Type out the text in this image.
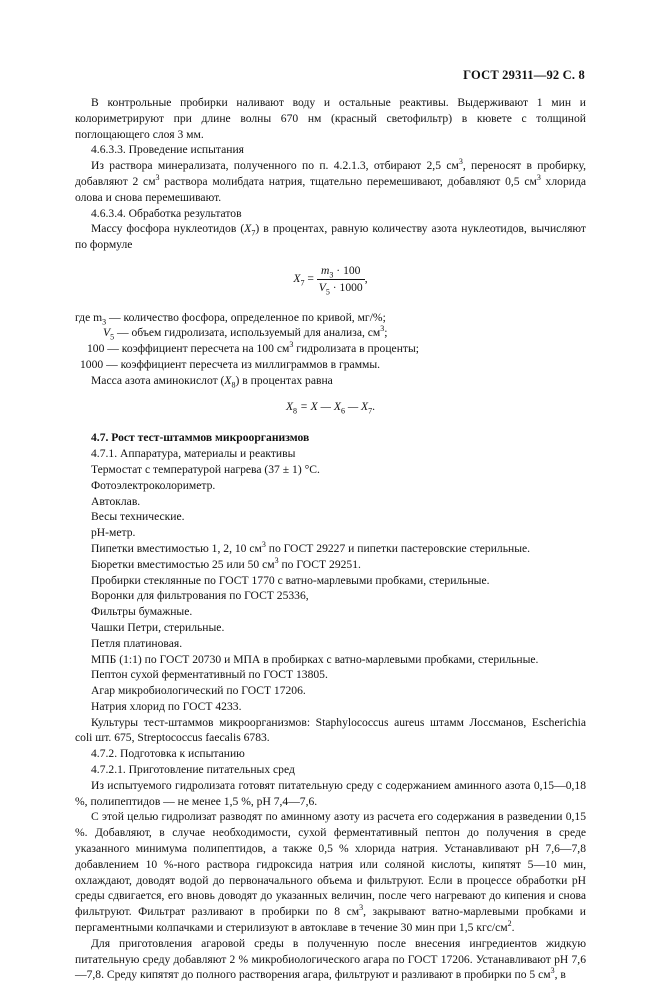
ГОСТ 29311—92 С. 8

В контрольные пробирки наливают воду и остальные реактивы. Выдерживают 1 мин и колориметрируют при длине волны 670 нм (красный светофильтр) в кювете с толщиной поглощающего слоя 3 мм.

4.6.3.3. Проведение испытания

Из раствора минерализата, полученного по п. 4.2.1.3, отбирают 2,5 $см^3$, переносят в пробирку, добавляют 2 $см^3$ раствора молибдата натрия, тщательно перемешивают, добавляют 0,5 $см^3$ хлорида олова и снова перемешивают.

4.6.3.4. Обработка результатов

Массу фосфора нуклеотидов $(X_7)$ в процентах, равную количеству азота нуклеотидов, вычисляют по формуле

$X_7 = \frac{m_3 \cdot 100}{V_5 \cdot 1000}$ ,

где $m_3$ — количество фосфора, определенное по кривой, мг/%;

$V_5$ — объем гидролизата, используемый для анализа, $см^3$;

100 — коэффициент пересчета на 100 $см^3$ гидролизата в проценты;

1000 — коэффициент пересчета из миллиграммов в граммы.

Масса азота аминокислот $(X_8)$ в процентах равна

$X_8 = X$ — $X_6$ — $X_7$.

4.7. Рост тест-штаммов микроорганизмов

4.7.1. Аппаратура, материалы и реактивы

Термостат с температурой нагрева (37 ± 1) °С.

Фотоэлектроколориметр.

Автоклав.

Весы технические.

рН-метр.

Пипетки вместимостью 1, 2, 10 $см^3$ по ГОСТ 29227 и пипетки пастеровские стерильные.

Бюретки вместимостью 25 или 50 $см^3$ по ГОСТ 29251.

Пробирки стеклянные по ГОСТ 1770 с ватно-марлевыми пробками, стерильные.

Воронки для фильтрования по ГОСТ 25336,

Фильтры бумажные.

Чашки Петри, стерильные.

Петля платиновая.

МПБ (1:1) по ГОСТ 20730 и МПА в пробирках с ватно-марлевыми пробками, стерильные.

Пептон сухой ферментативный по ГОСТ 13805.

Агар микробиологический по ГОСТ 17206.

Натрия хлорид по ГОСТ 4233.

Культуры тест-штаммов микроорганизмов: Staphylococcus aureus штамм Лоссманов, Escherichia coli шт. 675, Streptococcus faecalis 6783.

4.7.2. Подготовка к испытанию

4.7.2.1. Приготовление питательных сред

Из испытуемого гидролизата готовят питательную среду с содержанием аминного азота 0,15—0,18 %, полипептидов — не менее 1,5 %, рН 7,4—7,6.

С этой целью гидролизат разводят по аминному азоту из расчета его содержания в разведении 0,15 %. Добавляют, в случае необходимости, сухой ферментативный пептон до получения в среде указанного минимума полипептидов, а также 0,5 % хлорида натрия. Устанавливают рН 7,6—7,8 добавлением 10 %-ного раствора гидроксида натрия или соляной кислоты, кипятят 5—10 мин, охлаждают, доводят водой до первоначального объема и фильтруют. Если в процессе обработки рН среды сдвигается, его вновь доводят до указанных величин, после чего нагревают до кипения и снова фильтруют. Фильтрат разливают в пробирки по 8 $см^3$, закрывают ватно-марлевыми пробками и пергаментными колпачками и стерилизуют в автоклаве в течение 30 мин при 1,5 кгс/$см^2$.

Для приготовления агаровой среды в полученную после внесения ингредиентов жидкую питательную среду добавляют 2 % микробиологического агара по ГОСТ 17206. Устанавливают рН 7,6—7,8. Среду кипятят до полного растворения агара, фильтруют и разливают в пробирки по 5 $см^3$, в
